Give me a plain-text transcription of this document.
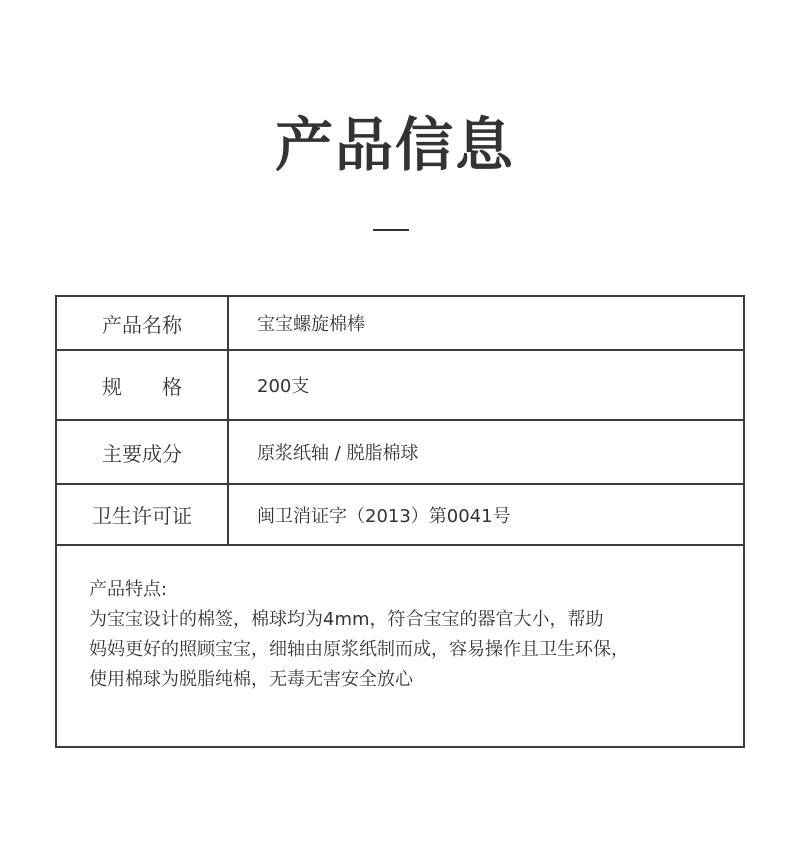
产品信息
产品名称	宝宝螺旋棉棒
规　　格	200支
主要成分	原浆纸轴 / 脱脂棉球
卫生许可证	闽卫消证字（2013）第0041号

产品特点:

为宝宝设计的棉签，棉球均为4mm，符合宝宝的器官大小，帮助

妈妈更好的照顾宝宝，细轴由原浆纸制而成，容易操作且卫生环保，

使用棉球为脱脂纯棉，无毒无害安全放心
